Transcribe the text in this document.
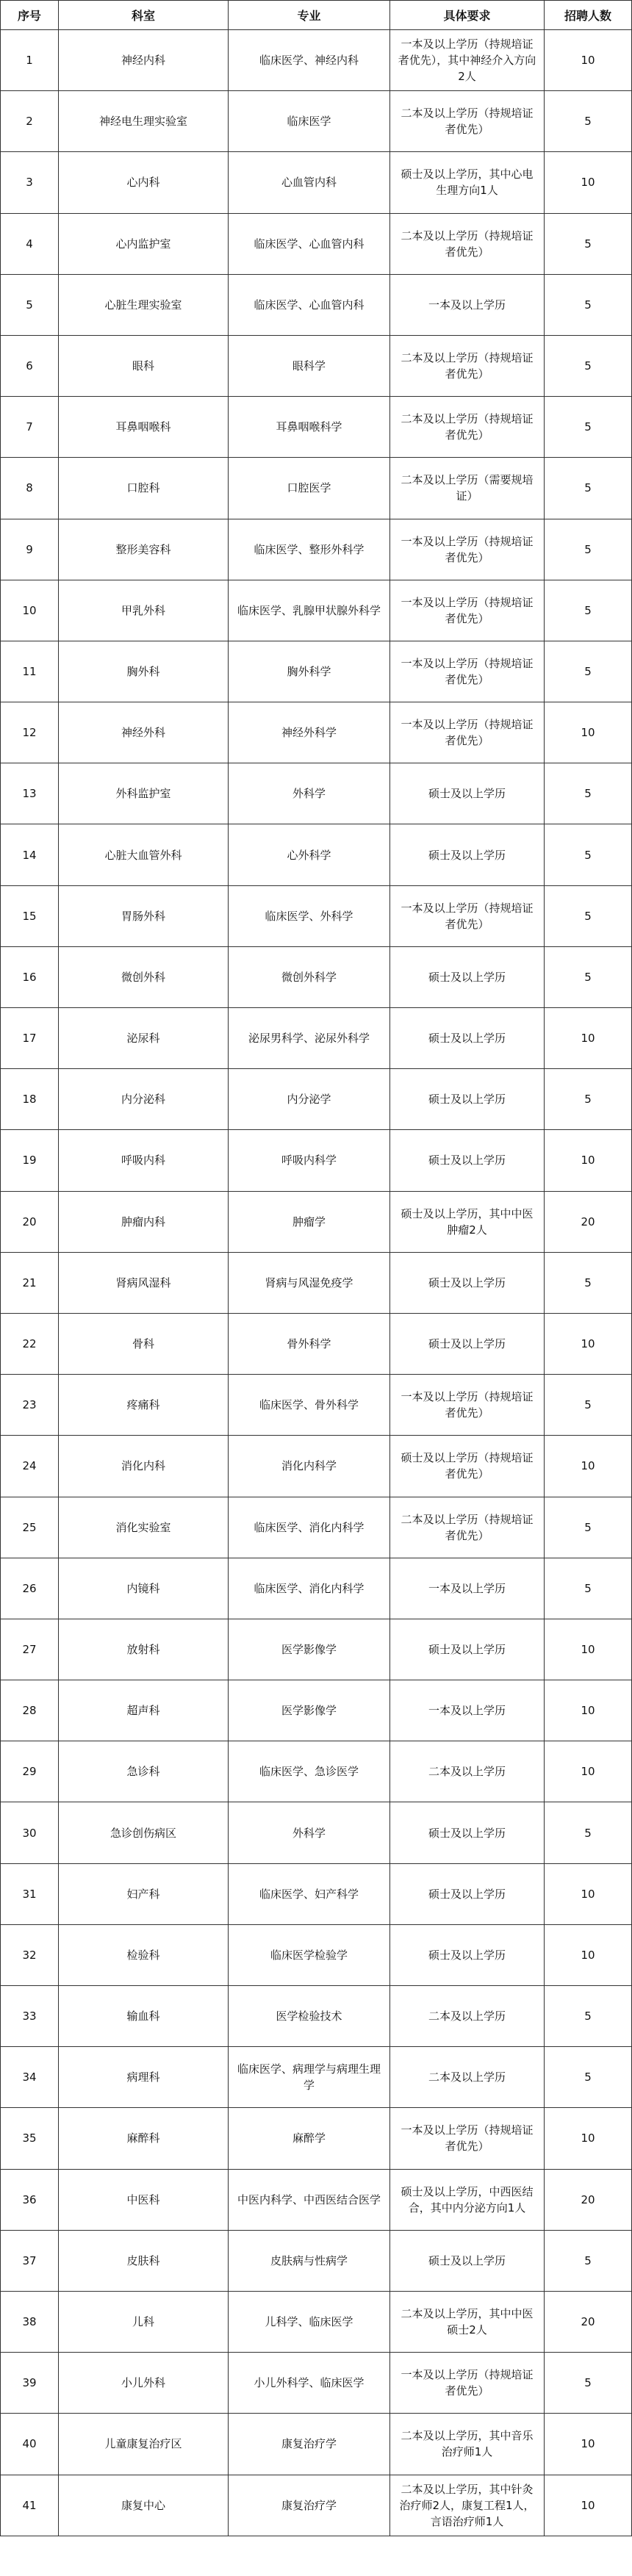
序号	科室	专业	具体要求	招聘人数
1	神经内科	临床医学、神经内科	一本及以上学历（持规培证者优先），其中神经介入方向2人	10
2	神经电生理实验室	临床医学	二本及以上学历（持规培证者优先）	5
3	心内科	心血管内科	硕士及以上学历，其中心电生理方向1人	10
4	心内监护室	临床医学、心血管内科	二本及以上学历（持规培证者优先）	5
5	心脏生理实验室	临床医学、心血管内科	一本及以上学历	5
6	眼科	眼科学	二本及以上学历（持规培证者优先）	5
7	耳鼻咽喉科	耳鼻咽喉科学	二本及以上学历（持规培证者优先）	5
8	口腔科	口腔医学	二本及以上学历（需要规培证）	5
9	整形美容科	临床医学、整形外科学	一本及以上学历（持规培证者优先）	5
10	甲乳外科	临床医学、乳腺甲状腺外科学	一本及以上学历（持规培证者优先）	5
11	胸外科	胸外科学	一本及以上学历（持规培证者优先）	5
12	神经外科	神经外科学	一本及以上学历（持规培证者优先）	10
13	外科监护室	外科学	硕士及以上学历	5
14	心脏大血管外科	心外科学	硕士及以上学历	5
15	胃肠外科	临床医学、外科学	一本及以上学历（持规培证者优先）	5
16	微创外科	微创外科学	硕士及以上学历	5
17	泌尿科	泌尿男科学、泌尿外科学	硕士及以上学历	10
18	内分泌科	内分泌学	硕士及以上学历	5
19	呼吸内科	呼吸内科学	硕士及以上学历	10
20	肿瘤内科	肿瘤学	硕士及以上学历，其中中医肿瘤2人	20
21	肾病风湿科	肾病与风湿免疫学	硕士及以上学历	5
22	骨科	骨外科学	硕士及以上学历	10
23	疼痛科	临床医学、骨外科学	一本及以上学历（持规培证者优先）	5
24	消化内科	消化内科学	硕士及以上学历（持规培证者优先）	10
25	消化实验室	临床医学、消化内科学	二本及以上学历（持规培证者优先）	5
26	内镜科	临床医学、消化内科学	一本及以上学历	5
27	放射科	医学影像学	硕士及以上学历	10
28	超声科	医学影像学	一本及以上学历	10
29	急诊科	临床医学、急诊医学	二本及以上学历	10
30	急诊创伤病区	外科学	硕士及以上学历	5
31	妇产科	临床医学、妇产科学	硕士及以上学历	10
32	检验科	临床医学检验学	硕士及以上学历	10
33	输血科	医学检验技术	二本及以上学历	5
34	病理科	临床医学、病理学与病理生理学	二本及以上学历	5
35	麻醉科	麻醉学	一本及以上学历（持规培证者优先）	10
36	中医科	中医内科学、中西医结合医学	硕士及以上学历，中西医结合，其中内分泌方向1人	20
37	皮肤科	皮肤病与性病学	硕士及以上学历	5
38	儿科	儿科学、临床医学	二本及以上学历，其中中医硕士2人	20
39	小儿外科	小儿外科学、临床医学	一本及以上学历（持规培证者优先）	5
40	儿童康复治疗区	康复治疗学	二本及以上学历，其中音乐治疗师1人	10
41	康复中心	康复治疗学	二本及以上学历，其中针灸治疗师2人，康复工程1人，言语治疗师1人	10
